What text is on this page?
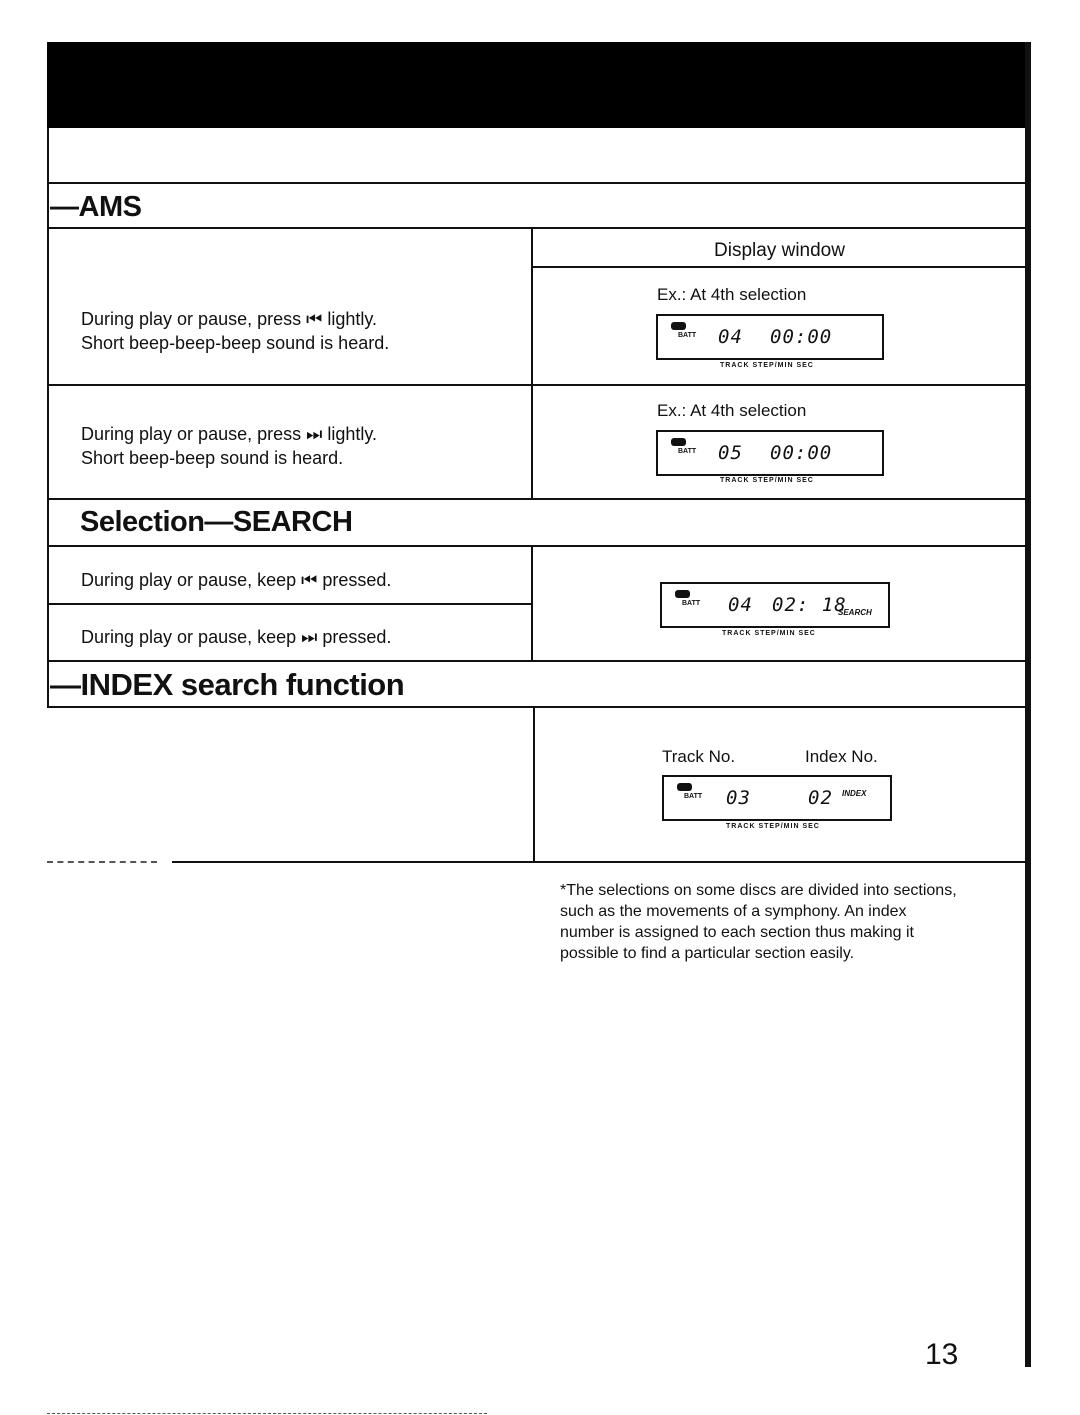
—AMS
Display window
During play or pause, press ⏮ lightly.
Short beep-beep-beep sound is heard.
Ex.: At 4th selection
BATT 04 00:00
TRACK STEP/MIN SEC
During play or pause, press ⏭ lightly.
Short beep-beep sound is heard.
Ex.: At 4th selection
BATT 05 00:00
TRACK STEP/MIN SEC
Selection—SEARCH
During play or pause, keep ⏮ pressed.
During play or pause, keep ⏭ pressed.
BATT 04 02: 18
SEARCH
TRACK STEP/MIN SEC
—INDEX search function
Track No.	Index No.
BATT 03	02 INDEX
TRACK STEP/MIN SEC
*The selections on some discs are divided into sections, such as the movements of a symphony. An index number is assigned to each section thus making it possible to find a particular section easily.
13
